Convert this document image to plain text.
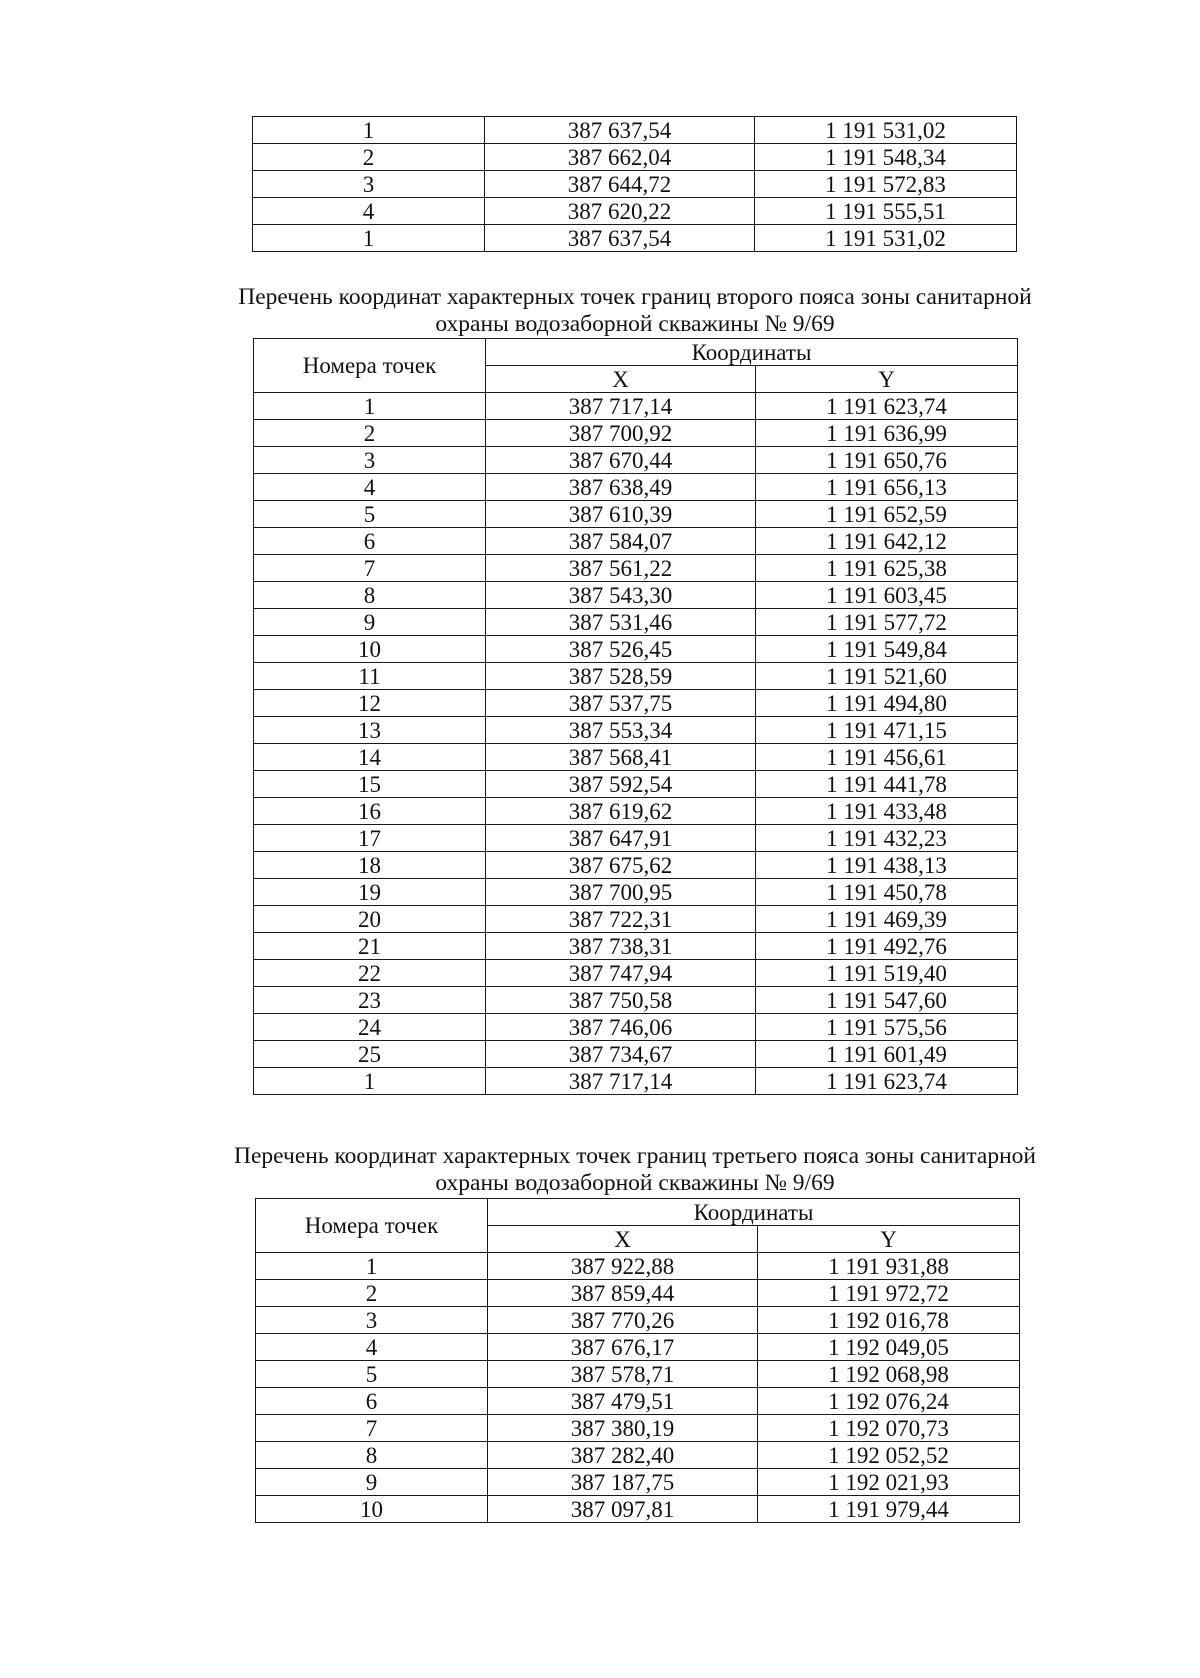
1	387 637,54	1 191 531,02
2	387 662,04	1 191 548,34
3	387 644,72	1 191 572,83
4	387 620,22	1 191 555,51
1	387 637,54	1 191 531,02
Перечень координат характерных точек границ второго пояса зоны санитарной
охраны водозаборной скважины № 9/69
Номера точек	Координаты	
	X	Y
1	387 717,14	1 191 623,74
2	387 700,92	1 191 636,99
3	387 670,44	1 191 650,76
4	387 638,49	1 191 656,13
5	387 610,39	1 191 652,59
6	387 584,07	1 191 642,12
7	387 561,22	1 191 625,38
8	387 543,30	1 191 603,45
9	387 531,46	1 191 577,72
10	387 526,45	1 191 549,84
11	387 528,59	1 191 521,60
12	387 537,75	1 191 494,80
13	387 553,34	1 191 471,15
14	387 568,41	1 191 456,61
15	387 592,54	1 191 441,78
16	387 619,62	1 191 433,48
17	387 647,91	1 191 432,23
18	387 675,62	1 191 438,13
19	387 700,95	1 191 450,78
20	387 722,31	1 191 469,39
21	387 738,31	1 191 492,76
22	387 747,94	1 191 519,40
23	387 750,58	1 191 547,60
24	387 746,06	1 191 575,56
25	387 734,67	1 191 601,49
1	387 717,14	1 191 623,74
Перечень координат характерных точек границ третьего пояса зоны санитарной
охраны водозаборной скважины № 9/69
Номера точек	Координаты	
	X	Y
1	387 922,88	1 191 931,88
2	387 859,44	1 191 972,72
3	387 770,26	1 192 016,78
4	387 676,17	1 192 049,05
5	387 578,71	1 192 068,98
6	387 479,51	1 192 076,24
7	387 380,19	1 192 070,73
8	387 282,40	1 192 052,52
9	387 187,75	1 192 021,93
10	387 097,81	1 191 979,44
